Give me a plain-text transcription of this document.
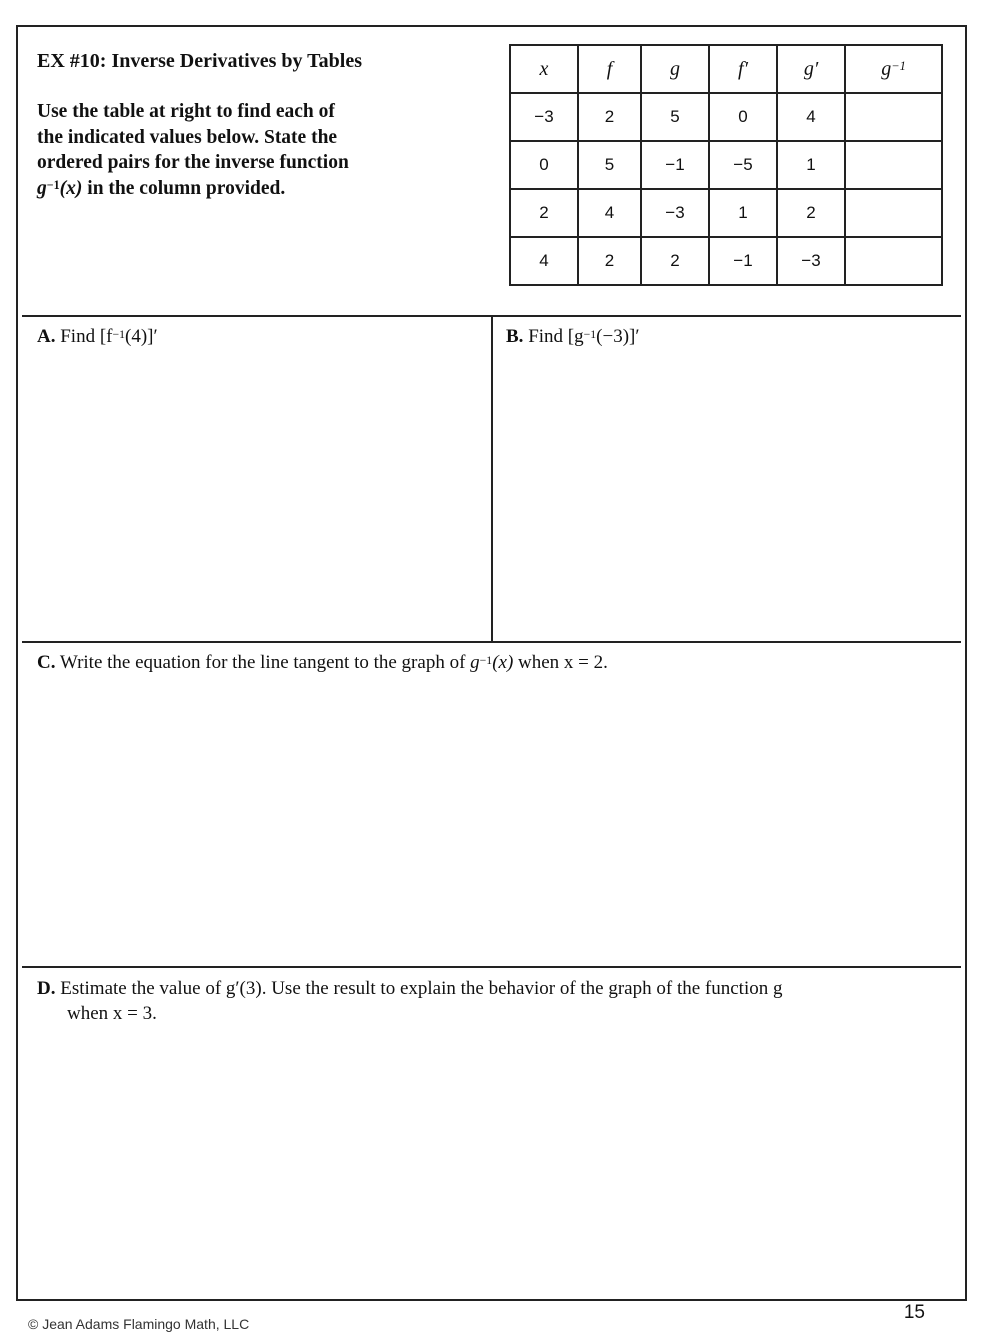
EX #10: Inverse Derivatives by Tables
Use the table at right to find each of
the indicated values below. State the
ordered pairs for the inverse function
$g^{-1}(x)$ in the column provided.
x	f	g	f′	g′	$g^{-1}$
−3	2	5	0	4	
0	5	−1	−5	1	
2	4	−3	1	2	
4	2	2	−1	−3	
A. Find $[f^{-1}(4)]'$	B. Find $[g^{-1}(-3)]'$
C. Write the equation for the line tangent to the graph of $g^{-1}(x)$ when x = 2.
D. Estimate the value of g′(3). Use the result to explain the behavior of the graph of the function g
when x = 3.
15
© Jean Adams Flamingo Math, LLC
